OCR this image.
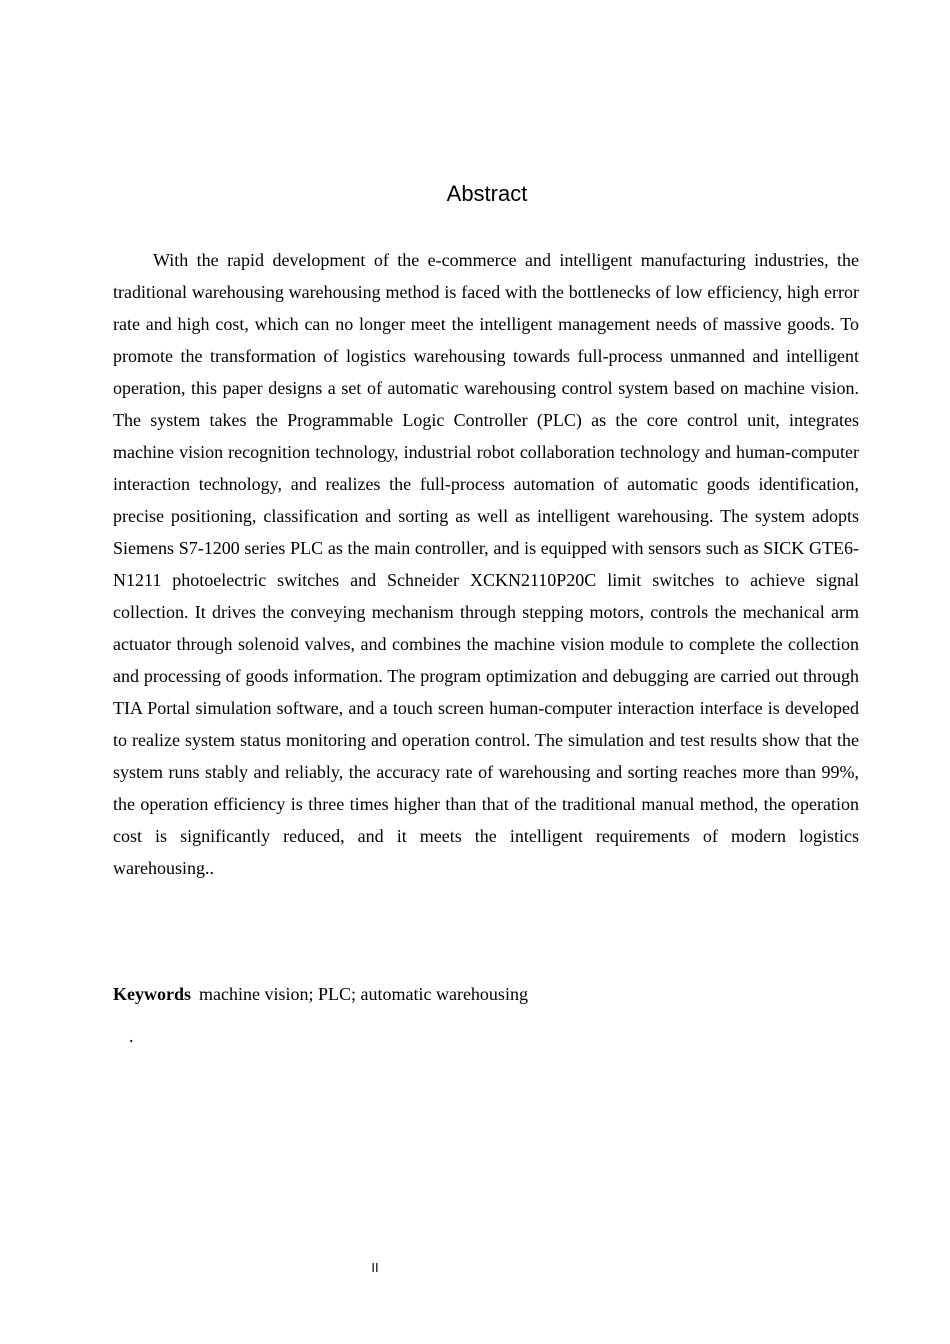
Abstract

With the rapid development of the e-commerce and intelligent manufacturing industries, the traditional warehousing warehousing method is faced with the bottlenecks of low efficiency, high error rate and high cost, which can no longer meet the intelligent management needs of massive goods. To promote the transformation of logistics warehousing towards full-process unmanned and intelligent operation, this paper designs a set of automatic warehousing control system based on machine vision. The system takes the Programmable Logic Controller (PLC) as the core control unit, integrates machine vision recognition technology, industrial robot collaboration technology and human-computer interaction technology, and realizes the full-process automation of automatic goods identification, precise positioning, classification and sorting as well as intelligent warehousing. The system adopts Siemens S7-1200 series PLC as the main controller, and is equipped with sensors such as SICK GTE6-N1211 photoelectric switches and Schneider XCKN2110P20C limit switches to achieve signal collection. It drives the conveying mechanism through stepping motors, controls the mechanical arm actuator through solenoid valves, and combines the machine vision module to complete the collection and processing of goods information. The program optimization and debugging are carried out through TIA Portal simulation software, and a touch screen human-computer interaction interface is developed to realize system status monitoring and operation control. The simulation and test results show that the system runs stably and reliably, the accuracy rate of warehousing and sorting reaches more than 99%, the operation efficiency is three times higher than that of the traditional manual method, the operation cost is significantly reduced, and it meets the intelligent requirements of modern logistics warehousing..

Keywords machine vision; PLC; automatic warehousing

.
II
